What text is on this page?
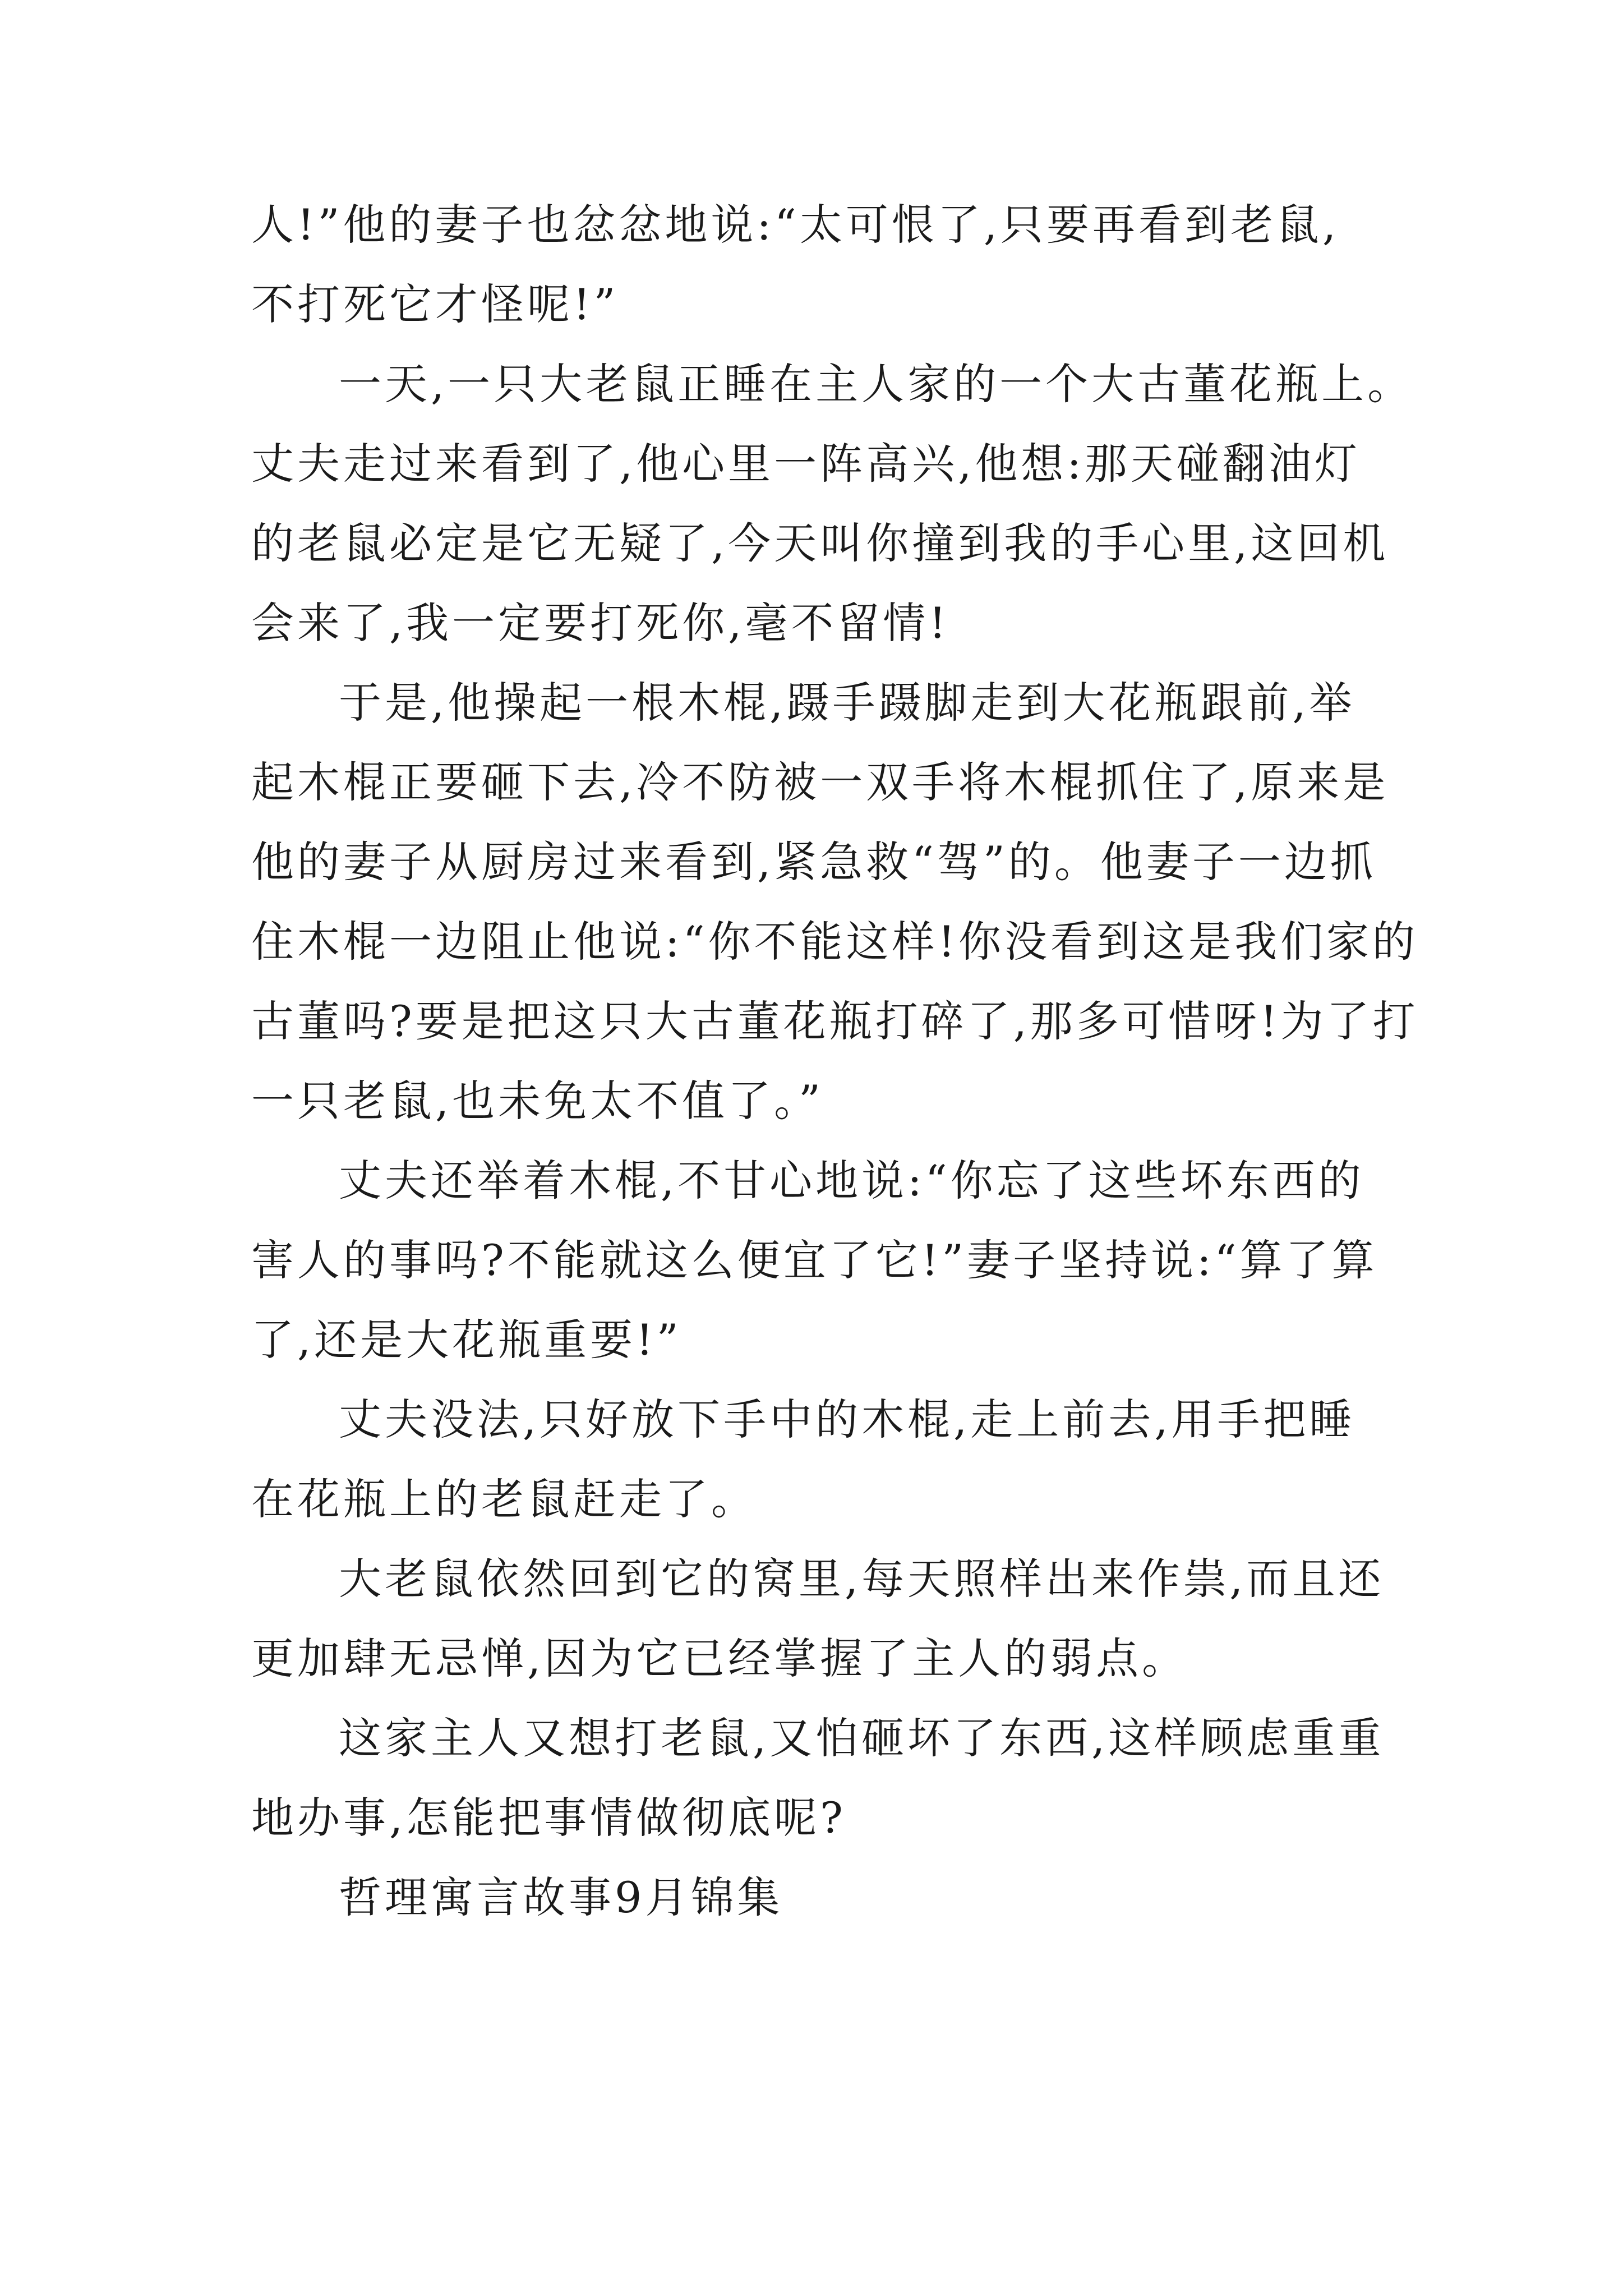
人!”他的妻子也忿忿地说:“太可恨了,只要再看到老鼠,
不打死它才怪呢!”
一天,一只大老鼠正睡在主人家的一个大古董花瓶上。
丈夫走过来看到了,他心里一阵高兴,他想:那天碰翻油灯
的老鼠必定是它无疑了,今天叫你撞到我的手心里,这回机
会来了,我一定要打死你,毫不留情!
于是,他操起一根木棍,蹑手蹑脚走到大花瓶跟前,举
起木棍正要砸下去,冷不防被一双手将木棍抓住了,原来是
他的妻子从厨房过来看到,紧急救“驾”的。他妻子一边抓
住木棍一边阻止他说:“你不能这样!你没看到这是我们家的
古董吗?要是把这只大古董花瓶打碎了,那多可惜呀!为了打
一只老鼠,也未免太不值了。”
丈夫还举着木棍,不甘心地说:“你忘了这些坏东西的
害人的事吗?不能就这么便宜了它!”妻子坚持说:“算了算
了,还是大花瓶重要!”
丈夫没法,只好放下手中的木棍,走上前去,用手把睡
在花瓶上的老鼠赶走了。
大老鼠依然回到它的窝里,每天照样出来作祟,而且还
更加肆无忌惮,因为它已经掌握了主人的弱点。
这家主人又想打老鼠,又怕砸坏了东西,这样顾虑重重
地办事,怎能把事情做彻底呢?
哲理寓言故事9月锦集
